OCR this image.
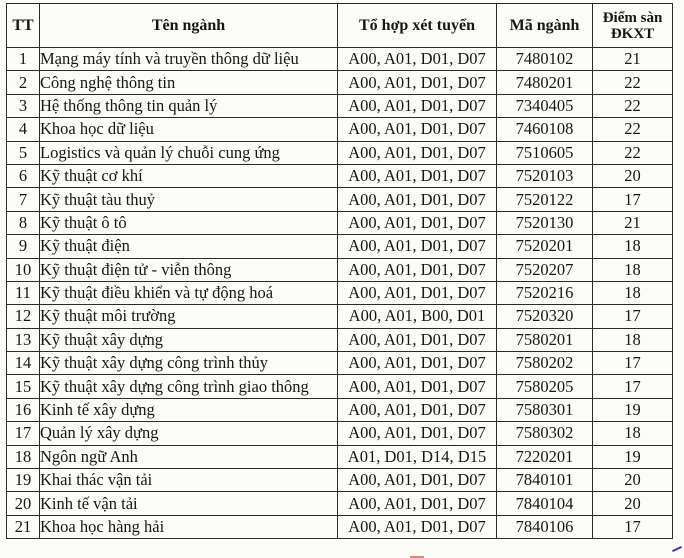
TT	Tên ngành	Tổ hợp xét tuyển	Mã ngành	Điểm sàn
ĐKXT
1	Mạng máy tính và truyền thông dữ liệu	A00, A01, D01, D07	7480102	21
2	Công nghệ thông tin	A00, A01, D01, D07	7480201	22
3	Hệ thống thông tin quản lý	A00, A01, D01, D07	7340405	22
4	Khoa học dữ liệu	A00, A01, D01, D07	7460108	22
5	Logistics và quản lý chuỗi cung ứng	A00, A01, D01, D07	7510605	22
6	Kỹ thuật cơ khí	A00, A01, D01, D07	7520103	20
7	Kỹ thuật tàu thuỷ	A00, A01, D01, D07	7520122	17
8	Kỹ thuật ô tô	A00, A01, D01, D07	7520130	21
9	Kỹ thuật điện	A00, A01, D01, D07	7520201	18
10	Kỹ thuật điện tử - viễn thông	A00, A01, D01, D07	7520207	18
11	Kỹ thuật điều khiển và tự động hoá	A00, A01, D01, D07	7520216	18
12	Kỹ thuật môi trường	A00, A01, B00, D01	7520320	17
13	Kỹ thuật xây dựng	A00, A01, D01, D07	7580201	18
14	Kỹ thuật xây dựng công trình thủy	A00, A01, D01, D07	7580202	17
15	Kỹ thuật xây dựng công trình giao thông	A00, A01, D01, D07	7580205	17
16	Kinh tế xây dựng	A00, A01, D01, D07	7580301	19
17	Quản lý xây dựng	A00, A01, D01, D07	7580302	18
18	Ngôn ngữ Anh	A01, D01, D14, D15	7220201	19
19	Khai thác vận tải	A00, A01, D01, D07	7840101	20
20	Kinh tế vận tải	A00, A01, D01, D07	7840104	20
21	Khoa học hàng hải	A00, A01, D01, D07	7840106	17
